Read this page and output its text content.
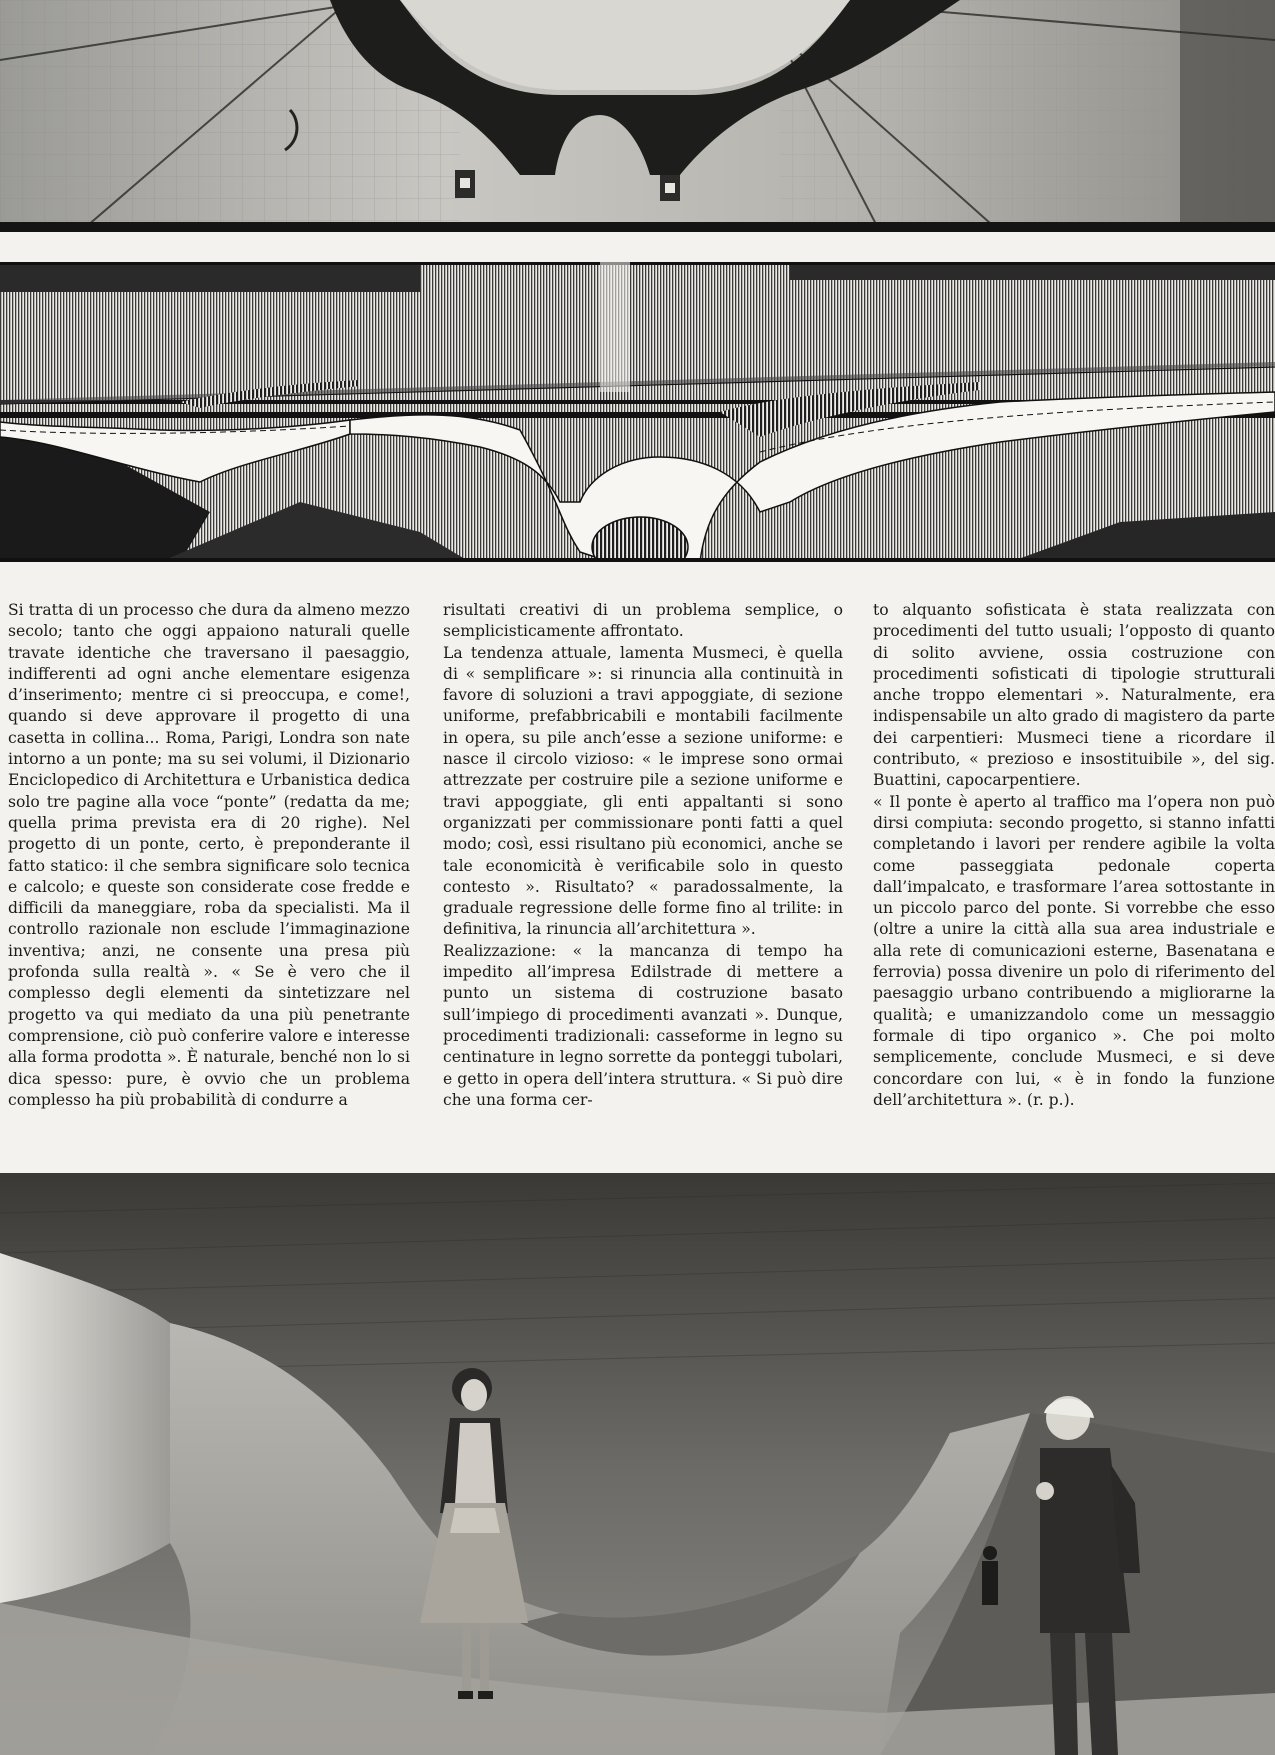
Si tratta di un processo che dura da almeno mezzo secolo; tanto che oggi appaiono naturali quelle travate identiche che traversano il paesaggio, indifferenti ad ogni anche elementare esigenza d’inserimento; mentre ci si preoccupa, e come!, quando si deve approvare il progetto di una casetta in collina... Roma, Parigi, Londra son nate intorno a un ponte; ma su sei volumi, il Dizionario Enciclopedico di Architettura e Urbanistica dedica solo tre pagine alla voce “ponte” (redatta da me; quella prima prevista era di 20 righe). Nel progetto di un ponte, certo, è preponderante il fatto statico: il che sembra significare solo tecnica e calcolo; e queste son considerate cose fredde e difficili da maneggiare, roba da specialisti. Ma il controllo razionale non esclude l’immaginazione inventiva; anzi, ne consente una presa più profonda sulla realtà ». « Se è vero che il complesso degli elementi da sintetizzare nel progetto va qui mediato da una più penetrante comprensione, ciò può conferire valore e interesse alla forma prodotta ». È naturale, benché non lo si dica spesso: pure, è ovvio che un problema complesso ha più probabilità di condurre a

risultati creativi di un problema semplice, o semplicisticamente affrontato.

La tendenza attuale, lamenta Musmeci, è quella di « semplificare »: si rinuncia alla continuità in favore di soluzioni a travi appoggiate, di sezione uniforme, prefabbricabili e montabili facilmente in opera, su pile anch’esse a sezione uniforme: e nasce il circolo vizioso: « le imprese sono ormai attrezzate per costruire pile a sezione uniforme e travi appoggiate, gli enti appaltanti si sono organizzati per commissionare ponti fatti a quel modo; così, essi risultano più economici, anche se tale economicità è verificabile solo in questo contesto ». Risultato? « paradossalmente, la graduale regressione delle forme fino al trilite: in definitiva, la rinuncia all’architettura ».

Realizzazione: « la mancanza di tempo ha impedito all’impresa Edilstrade di mettere a punto un sistema di costruzione basato sull’impiego di procedimenti avanzati ». Dunque, procedimenti tradizionali: casseforme in legno su centinature in legno sorrette da ponteggi tubolari, e getto in opera dell’intera struttura. « Si può dire che una forma cer-

to alquanto sofisticata è stata realizzata con procedimenti del tutto usuali; l’opposto di quanto di solito avviene, ossia costruzione con procedimenti sofisticati di tipologie strutturali anche troppo elementari ». Naturalmente, era indispensabile un alto grado di magistero da parte dei carpentieri: Musmeci tiene a ricordare il contributo, « prezioso e insostituibile », del sig. Buattini, capocarpentiere.

« Il ponte è aperto al traffico ma l’opera non può dirsi compiuta: secondo progetto, si stanno infatti completando i lavori per rendere agibile la volta come passeggiata pedonale coperta dall’impalcato, e trasformare l’area sottostante in un piccolo parco del ponte. Si vorrebbe che esso (oltre a unire la città alla sua area industriale e alla rete di comunicazioni esterne, Basenatana e ferrovia) possa divenire un polo di riferimento del paesaggio urbano contribuendo a migliorarne la qualità; e umanizzandolo come un messaggio formale di tipo organico ». Che poi molto semplicemente, conclude Musmeci, e si deve concordare con lui, « è in fondo la funzione dell’architettura ». (r. p.).
